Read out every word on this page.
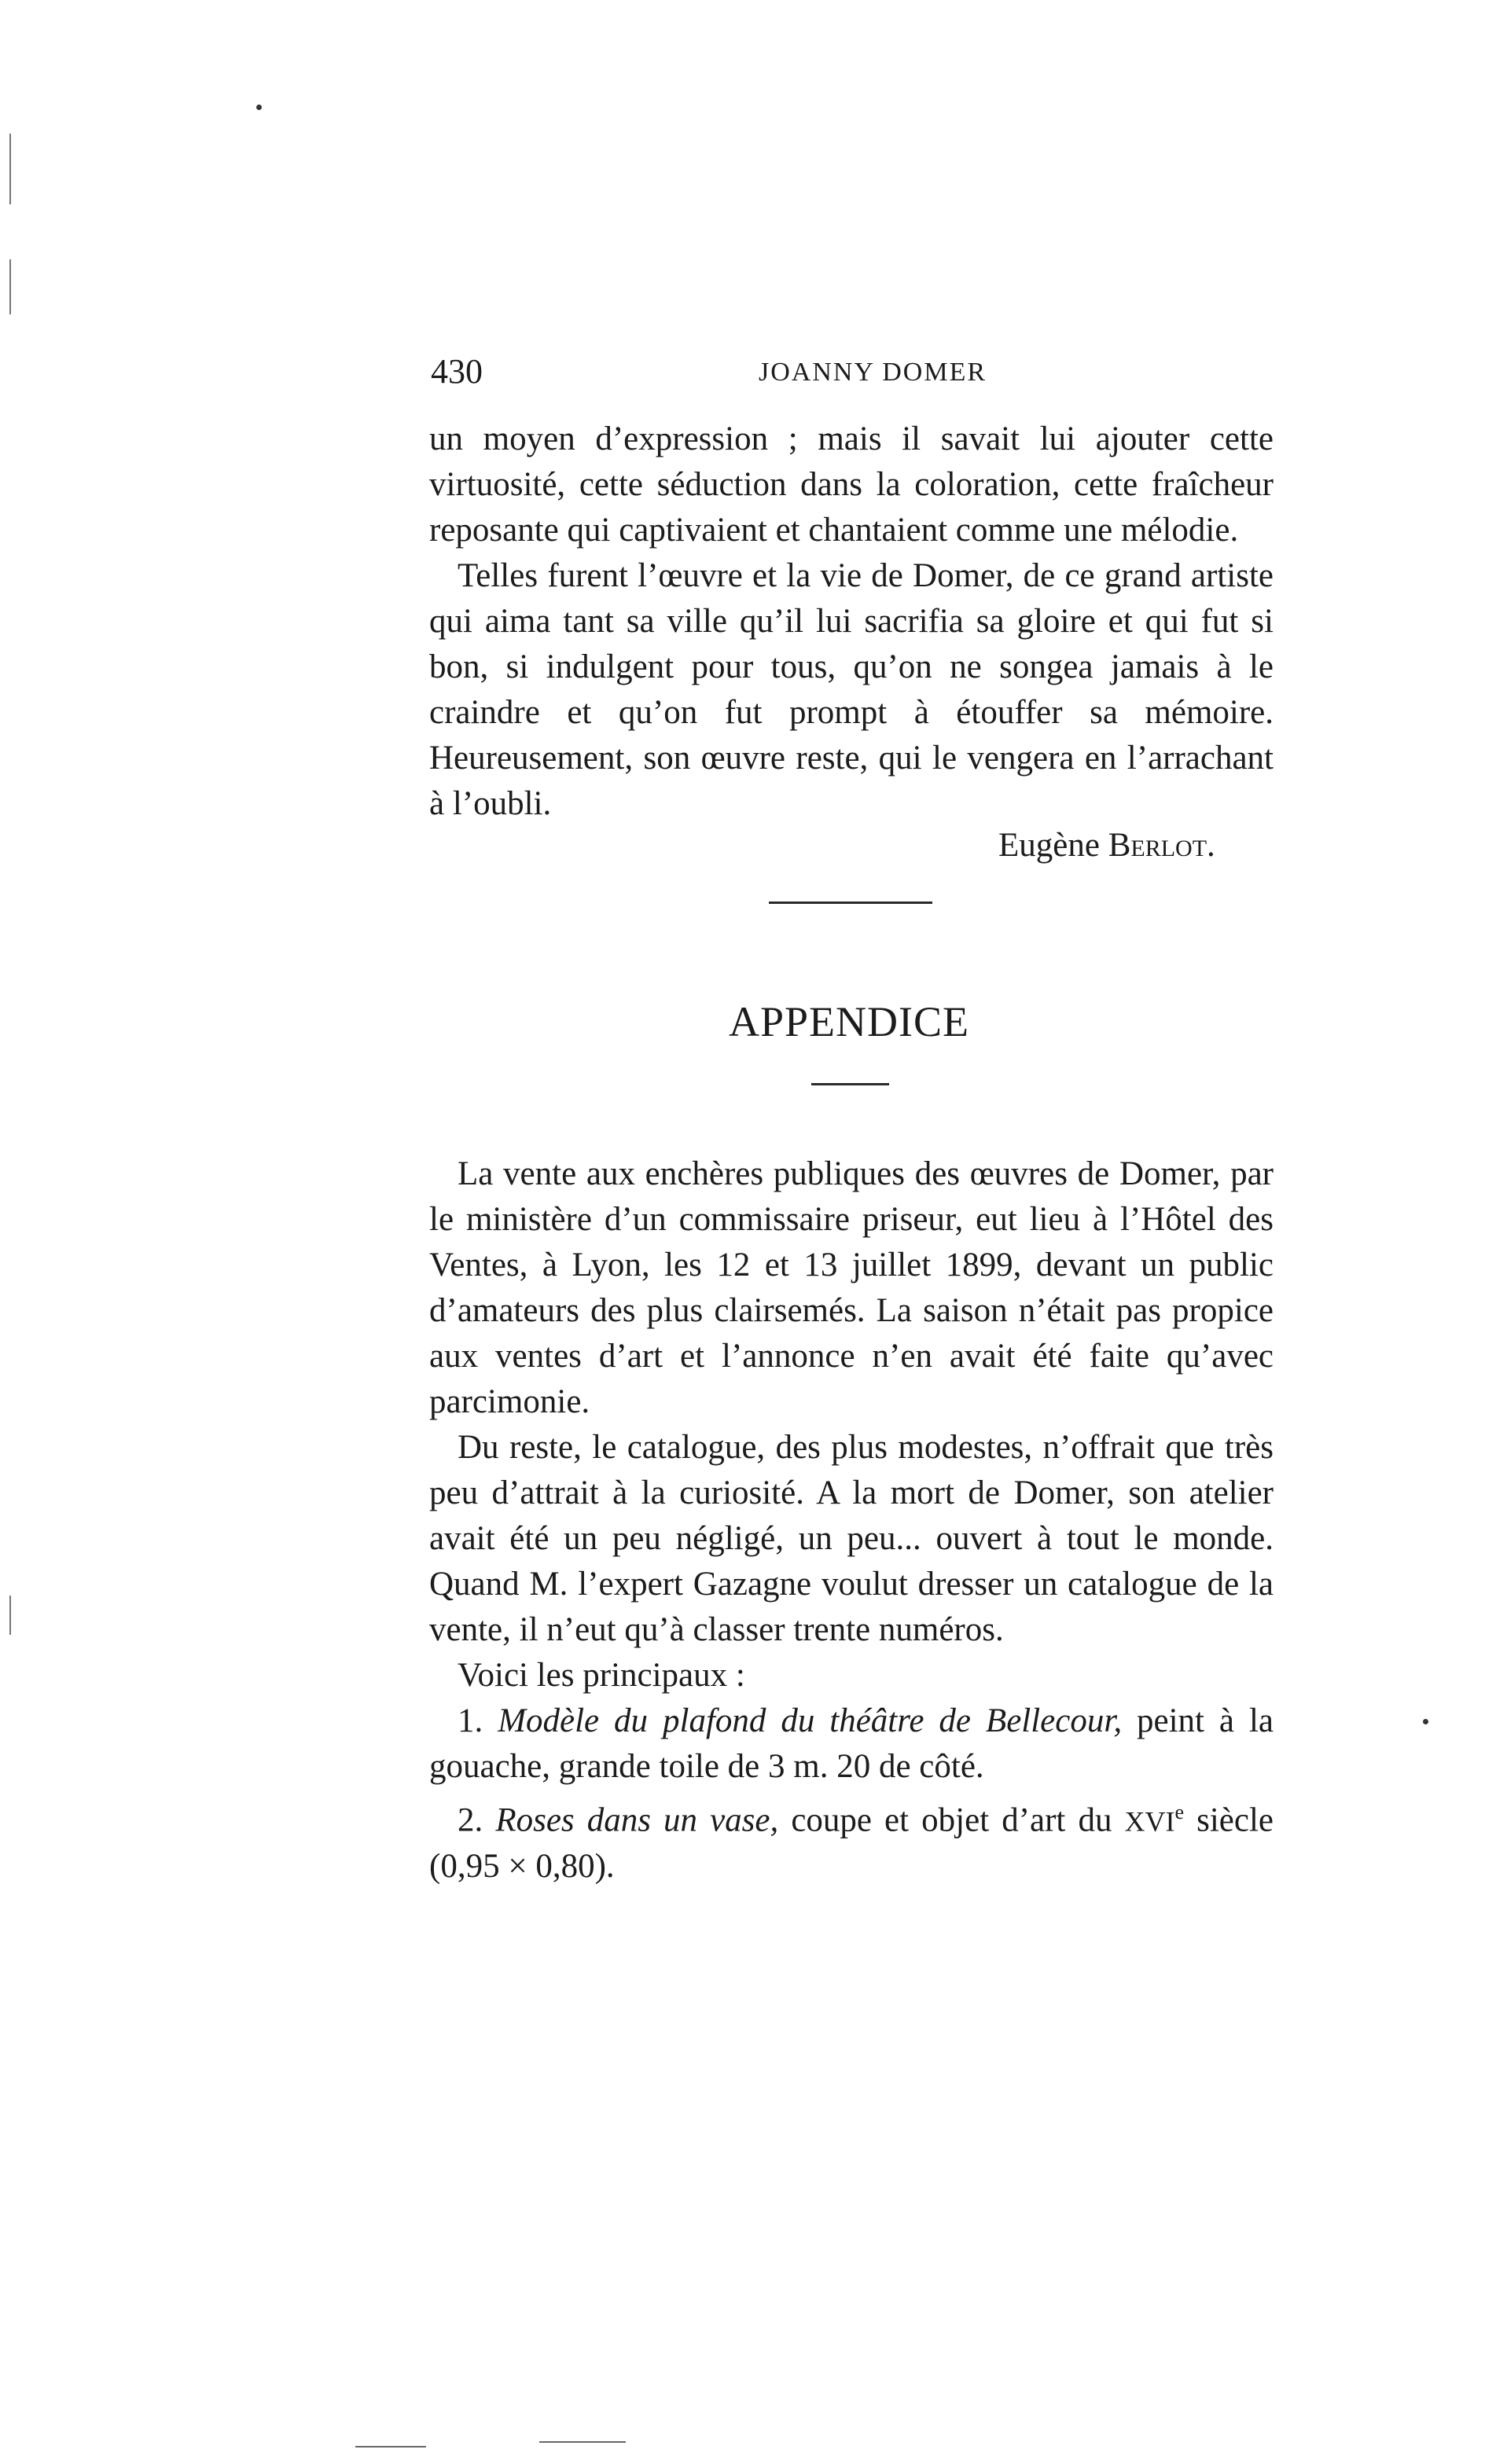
430	JOANNY DOMER

un moyen d’expression ; mais il savait lui ajouter cette virtuosité, cette séduction dans la coloration, cette fraîcheur reposante qui captivaient et chantaient comme une mélodie.

Telles furent l’œuvre et la vie de Domer, de ce grand artiste qui aima tant sa ville qu’il lui sacrifia sa gloire et qui fut si bon, si indulgent pour tous, qu’on ne songea jamais à le craindre et qu’on fut prompt à étouffer sa mémoire. Heureusement, son œuvre reste, qui le vengera en l’arrachant à l’oubli.

Eugène Berlot.
APPENDICE

La vente aux enchères publiques des œuvres de Domer, par le ministère d’un commissaire priseur, eut lieu à l’Hôtel des Ventes, à Lyon, les 12 et 13 juillet 1899, devant un public d’amateurs des plus clairsemés. La saison n’était pas propice aux ventes d’art et l’annonce n’en avait été faite qu’avec parcimonie.

Du reste, le catalogue, des plus modestes, n’offrait que très peu d’attrait à la curiosité. A la mort de Domer, son atelier avait été un peu négligé, un peu... ouvert à tout le monde. Quand M. l’expert Gazagne voulut dresser un catalogue de la vente, il n’eut qu’à classer trente numéros.

Voici les principaux :

1. Modèle du plafond du théâtre de Bellecour, peint à la gouache, grande toile de 3 m. 20 de côté.

2. Roses dans un vase, coupe et objet d’art du XVIe siècle (0,95 × 0,80).
